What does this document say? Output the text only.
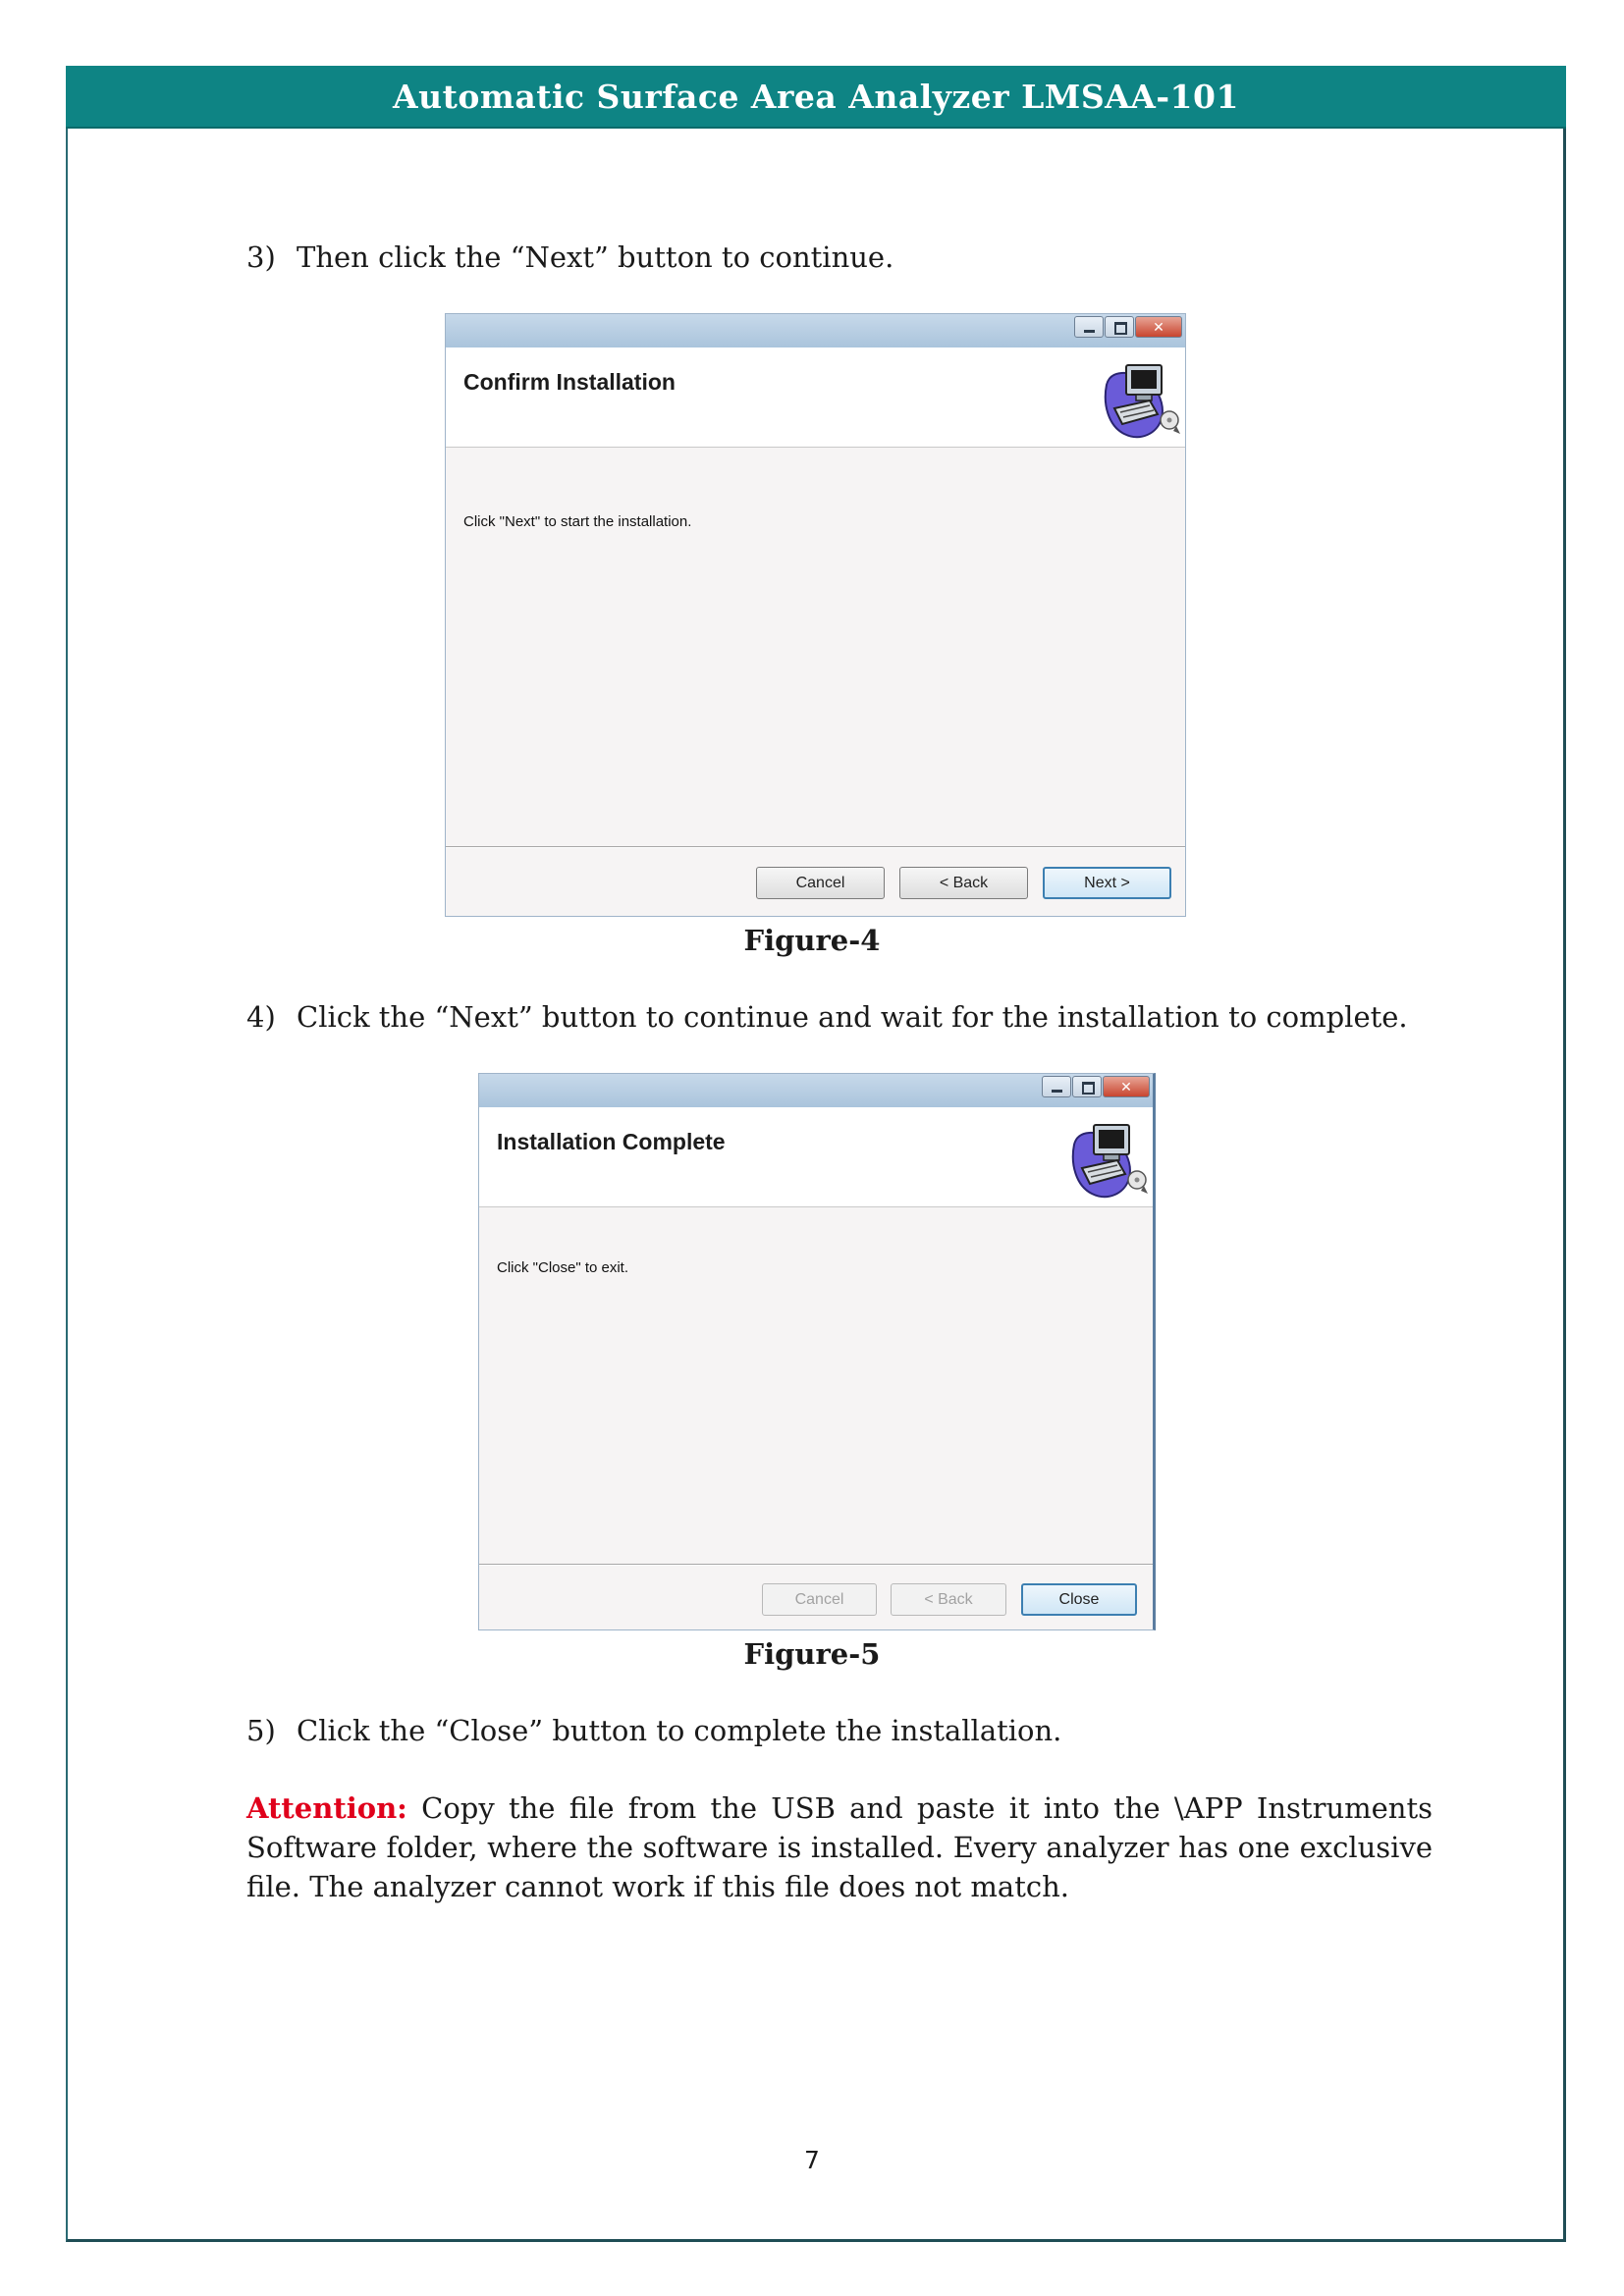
Automatic Surface Area Analyzer LMSAA-101
3) Then click the “Next” button to continue.
✕
Confirm Installation
Click "Next" to start the installation.
Cancel	< Back	Next >
Figure-4
4) Click the “Next” button to continue and wait for the installation to complete.
✕
Installation Complete
Click "Close" to exit.
Cancel	< Back	Close
Figure-5
5) Click the “Close” button to complete the installation.
Attention: Copy the file from the USB and paste it into the \APP Instruments Software folder, where the software is installed. Every analyzer has one exclusive file. The analyzer cannot work if this file does not match.
7
